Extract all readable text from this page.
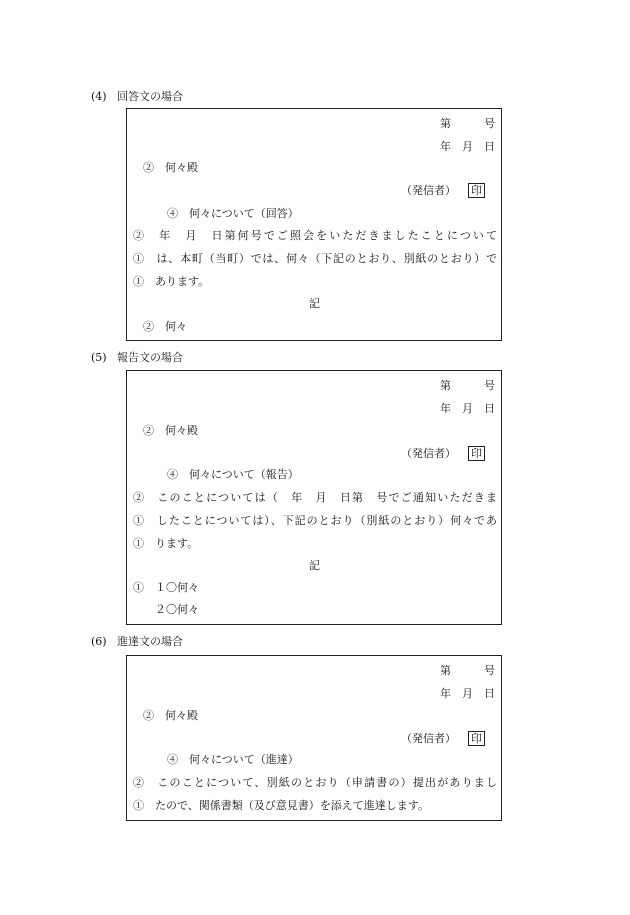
(4) 回答文の場合
第　　　号
年　月　日
②　何々殿
（発信者） 印
④　何々について（回答）
②　年　月　日第何号でご照会をいただきましたことについて
①　は、本町（当町）では、何々（下記のとおり、別紙のとおり）で
①　あります。
記
②　何々
(5) 報告文の場合
第　　　号
年　月　日
②　何々殿
（発信者） 印
④　何々について（報告）
②　このことについては（　年　月　日第　号でご通知いただきま
①　したことについては）、下記のとおり（別紙のとおり）何々であ
①　ります。
記
①　１〇何々
　　２〇何々
(6) 進達文の場合
第　　　号
年　月　日
②　何々殿
（発信者） 印
④　何々について（進達）
②　このことについて、別紙のとおり（申請書の）提出がありまし
①　たので、関係書類（及び意見書）を添えて進達します。
